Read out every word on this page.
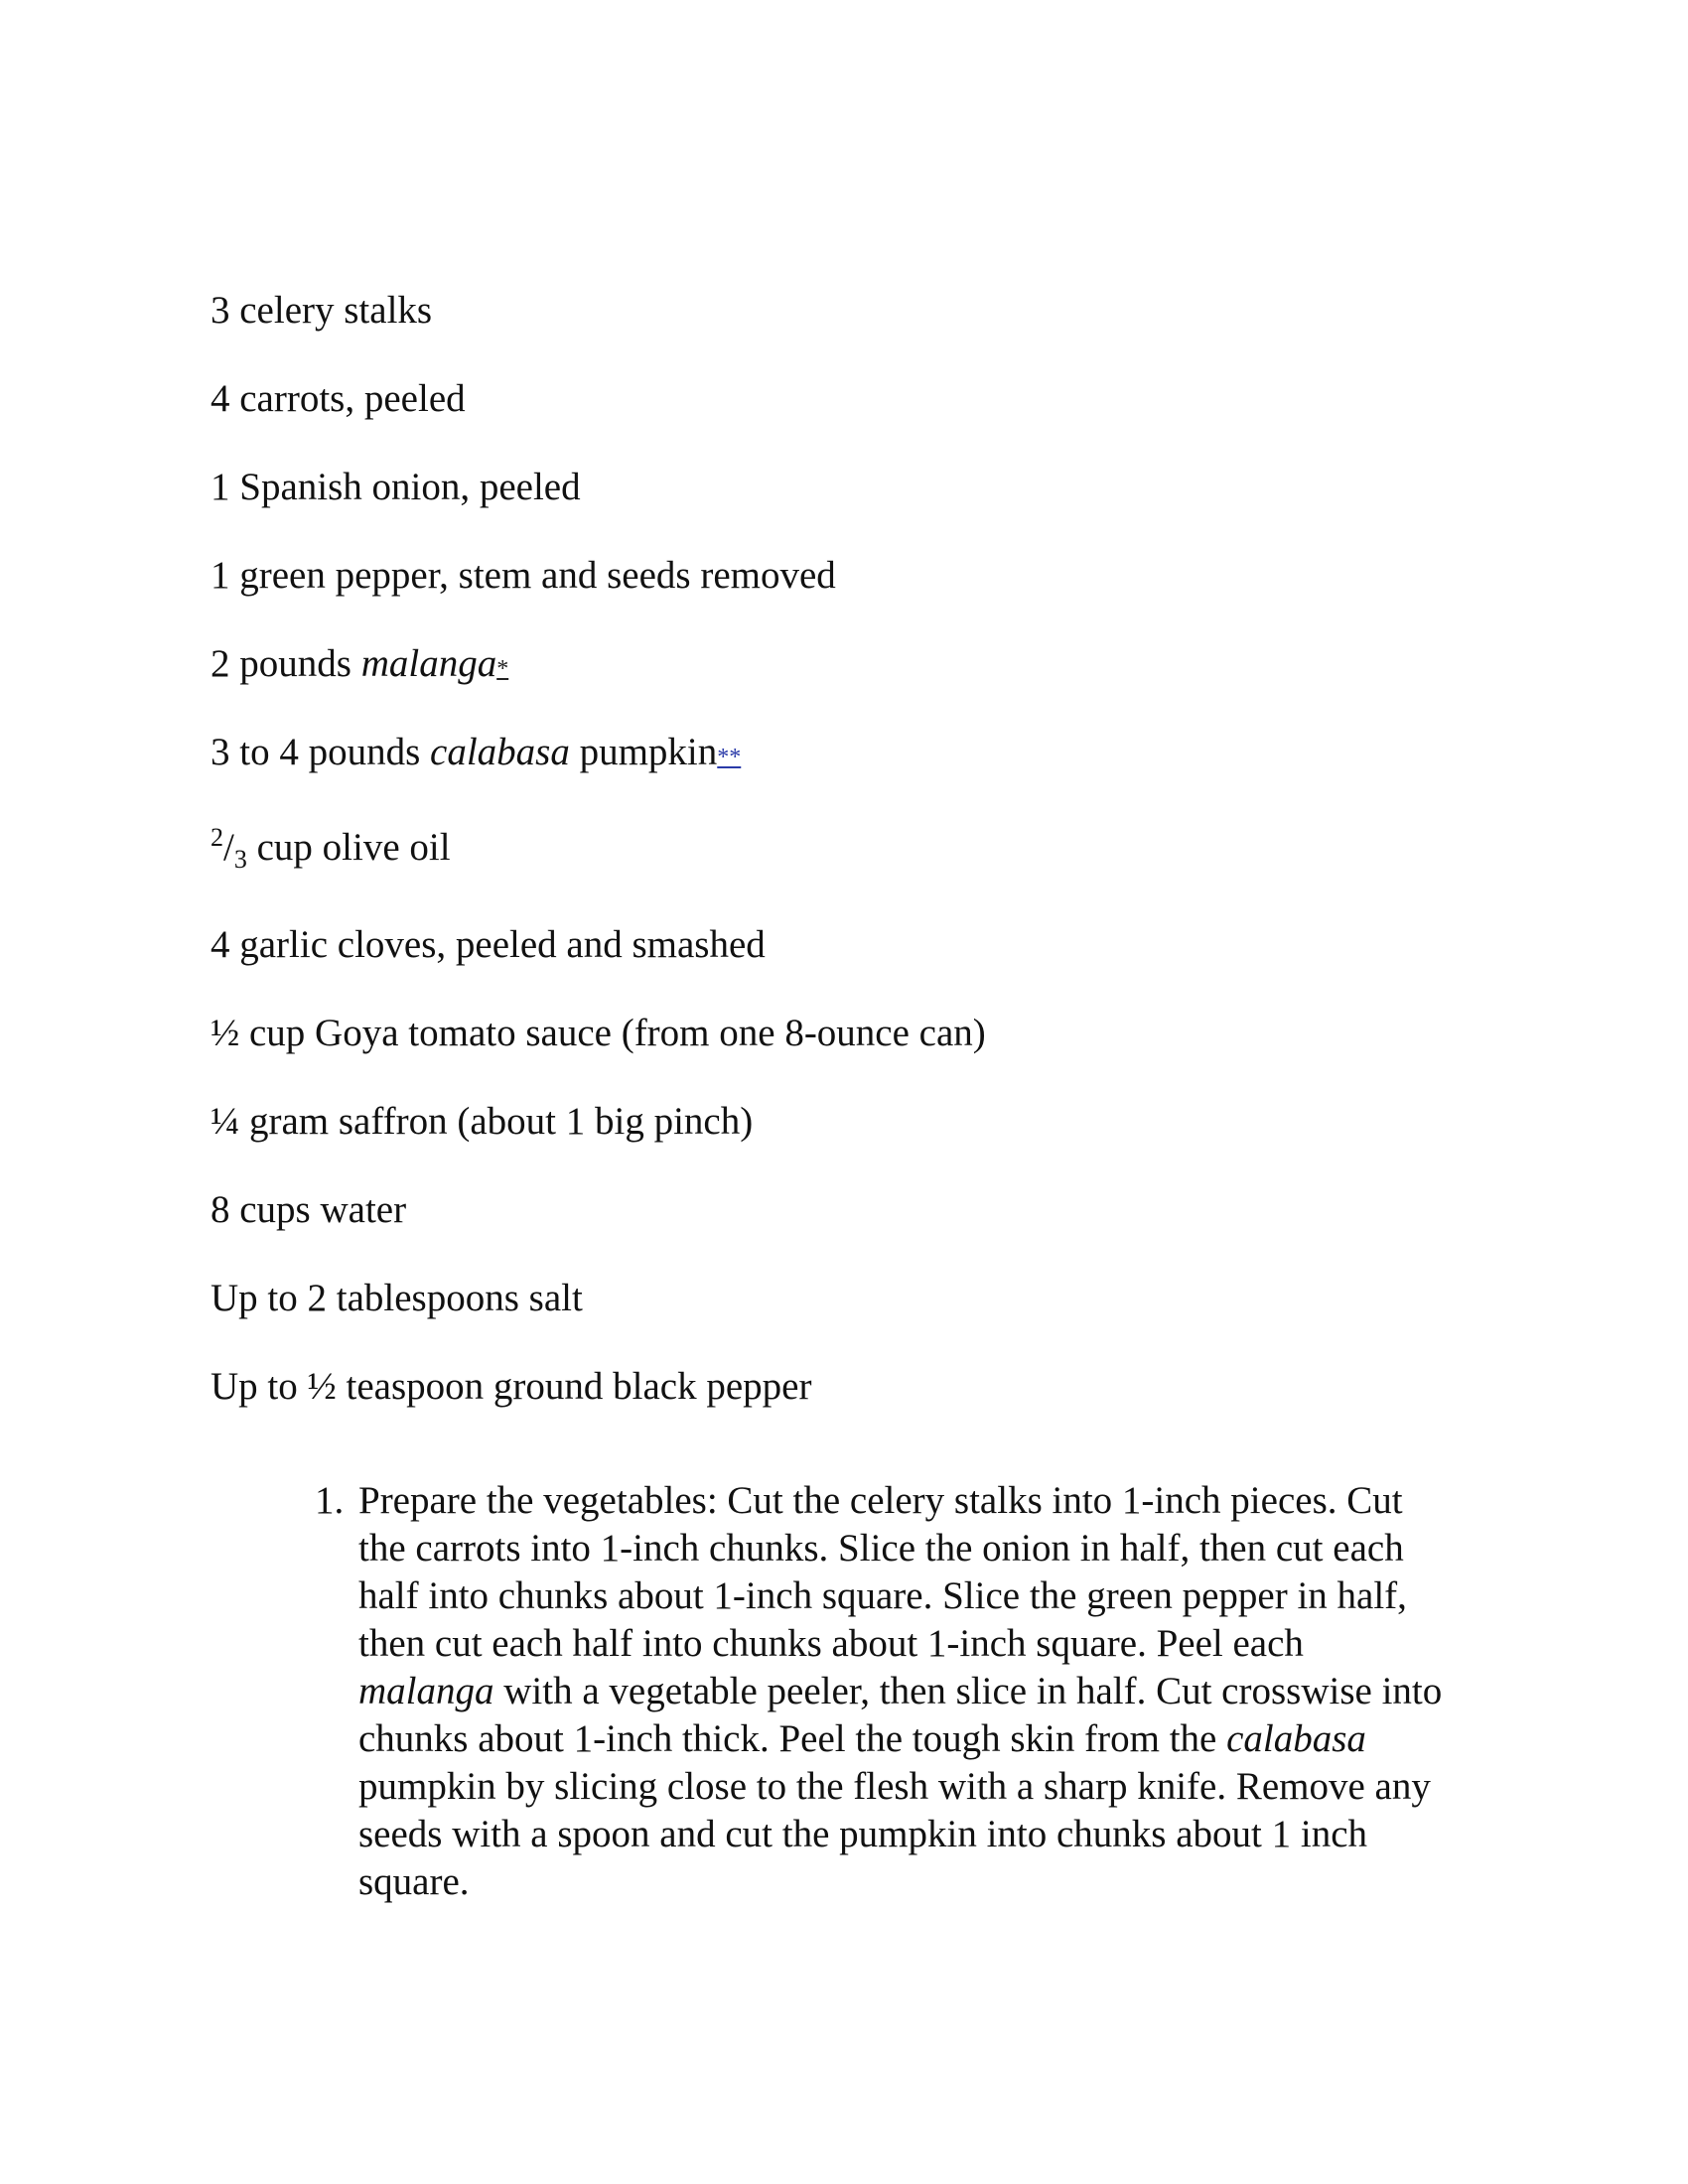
3 celery stalks
4 carrots, peeled
1 Spanish onion, peeled
1 green pepper, stem and seeds removed
2 pounds malanga*
3 to 4 pounds calabasa pumpkin**
$^2/_3$ cup olive oil
4 garlic cloves, peeled and smashed
½ cup Goya tomato sauce (from one 8-ounce can)
¼ gram saffron (about 1 big pinch)
8 cups water
Up to 2 tablespoons salt
Up to ½ teaspoon ground black pepper
1. Prepare the vegetables: Cut the celery stalks into 1-inch pieces. Cut the carrots into 1-inch chunks. Slice the onion in half, then cut each half into chunks about 1-inch square. Slice the green pepper in half, then cut each half into chunks about 1-inch square. Peel each malanga with a vegetable peeler, then slice in half. Cut crosswise into chunks about 1-inch thick. Peel the tough skin from the calabasa pumpkin by slicing close to the flesh with a sharp knife. Remove any seeds with a spoon and cut the pumpkin into chunks about 1 inch square.
